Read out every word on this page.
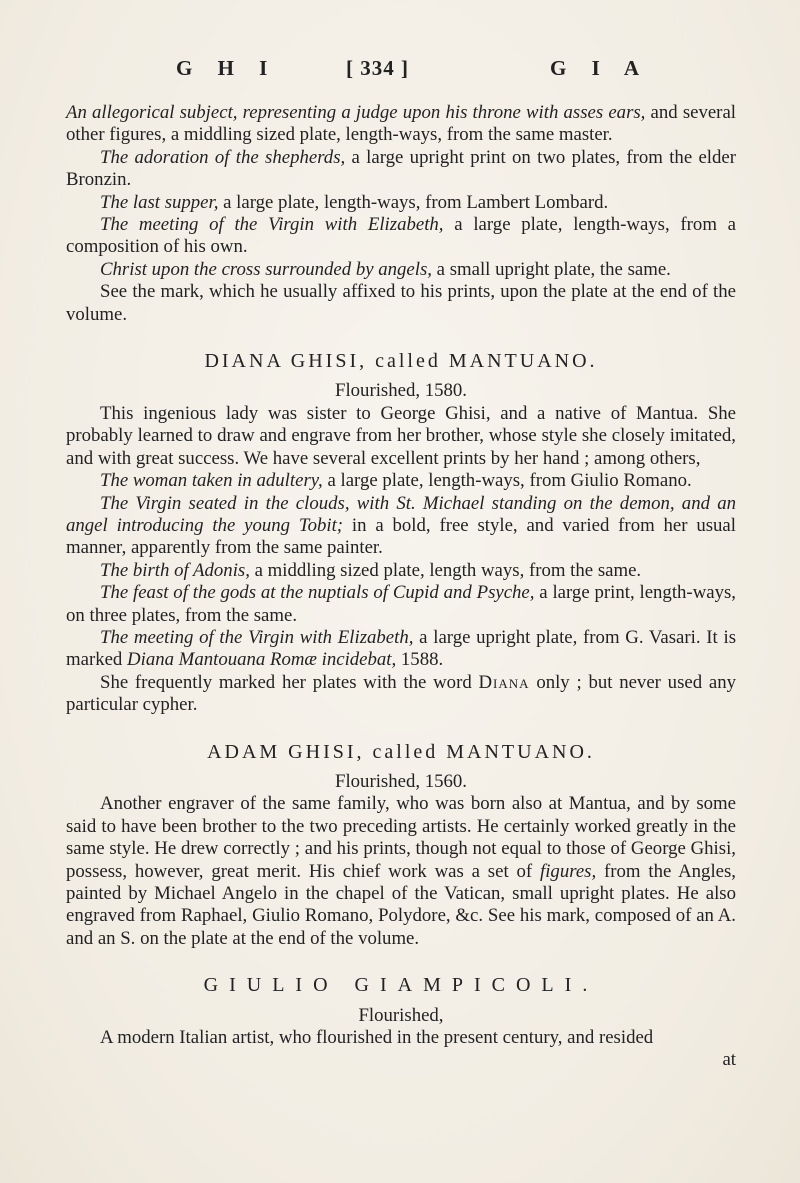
G H I	[ 334 ]	G I A

An allegorical subject, representing a judge upon his throne with asses ears, and several other figures, a middling sized plate, length-ways, from the same master.

The adoration of the shepherds, a large upright print on two plates, from the elder Bronzin.

The last supper, a large plate, length-ways, from Lambert Lombard.

The meeting of the Virgin with Elizabeth, a large plate, length-ways, from a composition of his own.

Christ upon the cross surrounded by angels, a small upright plate, the same.

See the mark, which he usually affixed to his prints, upon the plate at the end of the volume.

DIANA GHISI, called MANTUANO.

Flourished, 1580.

This ingenious lady was sister to George Ghisi, and a native of Mantua. She probably learned to draw and engrave from her brother, whose style she closely imitated, and with great success. We have several excellent prints by her hand ; among others,

The woman taken in adultery, a large plate, length-ways, from Giulio Romano.

The Virgin seated in the clouds, with St. Michael standing on the demon, and an angel introducing the young Tobit; in a bold, free style, and varied from her usual manner, apparently from the same painter.

The birth of Adonis, a middling sized plate, length ways, from the same.

The feast of the gods at the nuptials of Cupid and Psyche, a large print, length-ways, on three plates, from the same.

The meeting of the Virgin with Elizabeth, a large upright plate, from G. Vasari. It is marked Diana Mantouana Romæ incidebat, 1588.

She frequently marked her plates with the word Diana only ; but never used any particular cypher.

ADAM GHISI, called MANTUANO.

Flourished, 1560.

Another engraver of the same family, who was born also at Mantua, and by some said to have been brother to the two preceding artists. He certainly worked greatly in the same style. He drew correctly ; and his prints, though not equal to those of George Ghisi, possess, however, great merit. His chief work was a set of figures, from the Angles, painted by Michael Angelo in the chapel of the Vatican, small upright plates. He also engraved from Raphael, Giulio Romano, Polydore, &c. See his mark, composed of an A. and an S. on the plate at the end of the volume.

GIULIO GIAMPICOLI.

Flourished,

A modern Italian artist, who flourished in the present century, and resided

at
